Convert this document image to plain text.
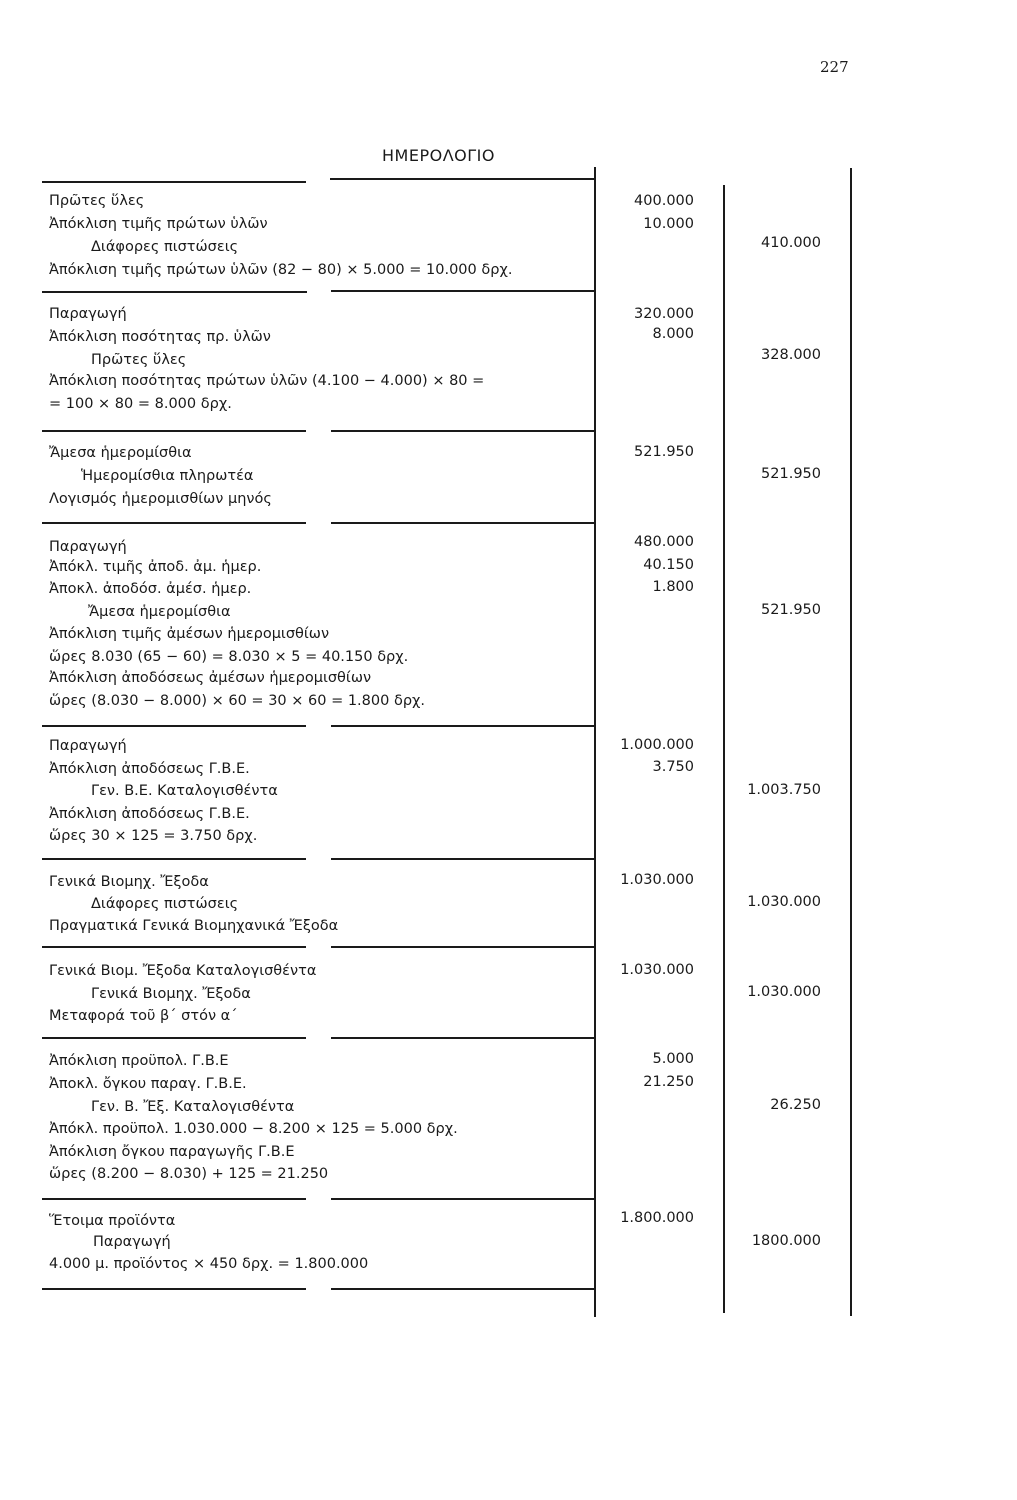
227
ΗΜΕΡΟΛΟΓΙΟ
Πρῶτες ὕλες
Ἀπόκλιση τιμῆς πρώτων ὑλῶν
Διάφορες πιστώσεις
Ἀπόκλιση τιμῆς πρώτων ὑλῶν (82 − 80) × 5.000 = 10.000 δρχ.
400.000
10.000
410.000
Παραγωγή
Ἀπόκλιση ποσότητας πρ. ὑλῶν
Πρῶτες ὕλες
Ἀπόκλιση ποσότητας πρώτων ὑλῶν (4.100 − 4.000) × 80 =
= 100 × 80 = 8.000 δρχ.
320.000
8.000
328.000
Ἄμεσα ἡμερομίσθια
Ἡμερομίσθια πληρωτέα
Λογισμός ἡμερομισθίων μηνός
521.950
521.950
Παραγωγή
Ἀπόκλ. τιμῆς ἀποδ. ἀμ. ἡμερ.
Ἀποκλ. ἀποδόσ. ἀμέσ. ἡμερ.
Ἄμεσα ἡμερομίσθια
Ἀπόκλιση τιμῆς ἀμέσων ἡμερομισθίων
ὥρες 8.030 (65 − 60) = 8.030 × 5 = 40.150 δρχ.
Ἀπόκλιση ἀποδόσεως ἀμέσων ἡμερομισθίων
ὥρες (8.030 − 8.000) × 60 = 30 × 60 = 1.800 δρχ.
480.000
40.150
1.800
521.950
Παραγωγή
Ἀπόκλιση ἀποδόσεως Γ.Β.Ε.
Γεν. Β.Ε. Καταλογισθέντα
Ἀπόκλιση ἀποδόσεως Γ.Β.Ε.
ὥρες 30 × 125 = 3.750 δρχ.
1.000.000
3.750
1.003.750
Γενικά Βιομηχ. Ἔξοδα
Διάφορες πιστώσεις
Πραγματικά Γενικά Βιομηχανικά Ἔξοδα
1.030.000
1.030.000
Γενικά Βιομ. Ἔξοδα Καταλογισθέντα
Γενικά Βιομηχ. Ἔξοδα
Μεταφορά τοῦ β΄ στόν α΄
1.030.000
1.030.000
Ἀπόκλιση προϋπολ. Γ.Β.Ε
Ἀποκλ. ὄγκου παραγ. Γ.Β.Ε.
Γεν. Β. Ἔξ. Καταλογισθέντα
Ἀπόκλ. προϋπολ. 1.030.000 − 8.200 × 125 = 5.000 δρχ.
Ἀπόκλιση ὄγκου παραγωγῆς Γ.Β.Ε
ὥρες (8.200 − 8.030) + 125 = 21.250
5.000
21.250
26.250
Ἕτοιμα προϊόντα
Παραγωγή
4.000 μ. προϊόντος × 450 δρχ. = 1.800.000
1.800.000
1800.000
